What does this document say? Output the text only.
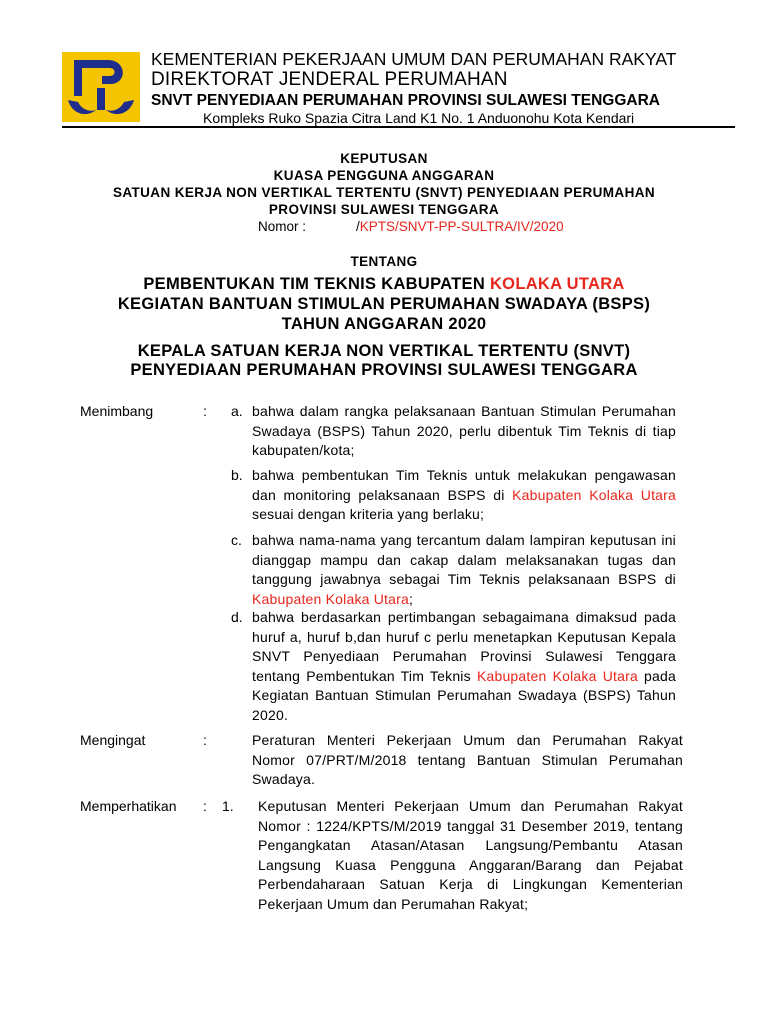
KEMENTERIAN PEKERJAAN UMUM DAN PERUMAHAN RAKYAT
DIREKTORAT JENDERAL PERUMAHAN
SNVT PENYEDIAAN PERUMAHAN PROVINSI SULAWESI TENGGARA
Kompleks Ruko Spazia Citra Land K1 No. 1 Anduonohu Kota Kendari
KEPUTUSAN
KUASA PENGGUNA ANGGARAN
SATUAN KERJA NON VERTIKAL TERTENTU (SNVT) PENYEDIAAN PERUMAHAN
PROVINSI SULAWESI TENGGARA
Nomor :	/KPTS/SNVT-PP-SULTRA/IV/2020
TENTANG
PEMBENTUKAN TIM TEKNIS KABUPATEN KOLAKA UTARA
KEGIATAN BANTUAN STIMULAN PERUMAHAN SWADAYA (BSPS)
TAHUN ANGGARAN 2020
KEPALA SATUAN KERJA NON VERTIKAL TERTENTU (SNVT)
PENYEDIAAN PERUMAHAN PROVINSI SULAWESI TENGGARA
Menimbang	: a. bahwa dalam rangka pelaksanaan Bantuan Stimulan Perumahan Swadaya (BSPS) Tahun 2020, perlu dibentuk Tim Teknis di tiap kabupaten/kota;
b. bahwa pembentukan Tim Teknis untuk melakukan pengawasan dan monitoring pelaksanaan BSPS di Kabupaten Kolaka Utara sesuai dengan kriteria yang berlaku;
c. bahwa nama-nama yang tercantum dalam lampiran keputusan ini dianggap mampu dan cakap dalam melaksanakan tugas dan tanggung jawabnya sebagai Tim Teknis pelaksanaan BSPS di Kabupaten Kolaka Utara;
d. bahwa berdasarkan pertimbangan sebagaimana dimaksud pada huruf a, huruf b,dan huruf c perlu menetapkan Keputusan Kepala SNVT Penyediaan Perumahan Provinsi Sulawesi Tenggara tentang Pembentukan Tim Teknis Kabupaten Kolaka Utara pada Kegiatan Bantuan Stimulan Perumahan Swadaya (BSPS) Tahun 2020.
Mengingat	:	Peraturan Menteri Pekerjaan Umum dan Perumahan Rakyat Nomor 07/PRT/M/2018 tentang Bantuan Stimulan Perumahan Swadaya.
Memperhatikan : 1. Keputusan Menteri Pekerjaan Umum dan Perumahan Rakyat Nomor : 1224/KPTS/M/2019 tanggal 31 Desember 2019, tentang Pengangkatan Atasan/Atasan Langsung/Pembantu Atasan Langsung Kuasa Pengguna Anggaran/Barang dan Pejabat Perbendaharaan Satuan Kerja di Lingkungan Kementerian Pekerjaan Umum dan Perumahan Rakyat;
